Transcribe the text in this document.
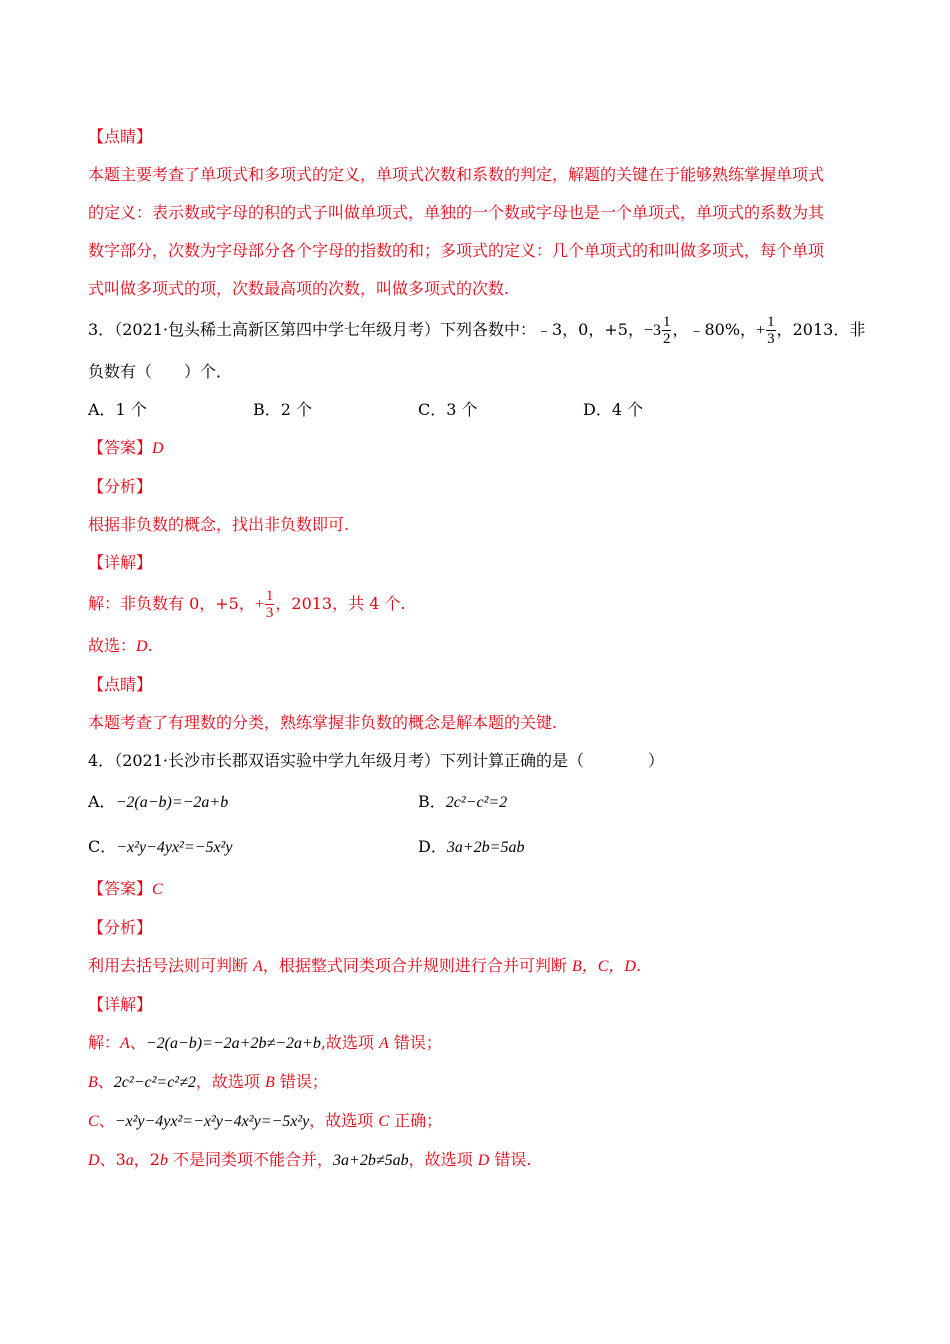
【点睛】
本题主要考查了单项式和多项式的定义，单项式次数和系数的判定，解题的关键在于能够熟练掌握单项式
的定义：表示数或字母的积的式子叫做单项式，单独的一个数或字母也是一个单项式，单项式的系数为其
数字部分，次数为字母部分各个字母的指数的和；多项式的定义：几个单项式的和叫做多项式，每个单项
式叫做多项式的项，次数最高项的次数，叫做多项式的次数.
3．（2021·包头稀土高新区第四中学七年级月考）下列各数中：﹣3，0，+5，$-3 \frac{1}{2}$ ，﹣80%，+ $\frac{1}{3}$ ，2013．非
负数有（　　）个．
A．1 个	B．2 个	C．3 个	D．4 个
【答案】D
【分析】
根据非负数的概念，找出非负数即可.
【详解】
解：非负数有 0，+5，+ $\frac{1}{3}$ ，2013，共 4 个.
故选：D.
【点睛】
本题考查了有理数的分类，熟练掌握非负数的概念是解本题的关键.
4．（2021·长沙市长郡双语实验中学九年级月考）下列计算正确的是（　　　　）
A．−2(a−b)=−2a+b	B．2c²−c²=2
C．−x²y−4yx²=−5x²y	D．3a+2b=5ab
【答案】C
【分析】
利用去括号法则可判断 A，根据整式同类项合并规则进行合并可判断 B，C，D.
【详解】
解：A、−2(a−b)=−2a+2b≠−2a+b,故选项 A 错误；
B、2c²−c²=c²≠2，故选项 B 错误；
C、−x²y−4yx²=−x²y−4x²y=−5x²y，故选项 C 正确；
D、3a，2b 不是同类项不能合并，3a+2b≠5ab，故选项 D 错误.
